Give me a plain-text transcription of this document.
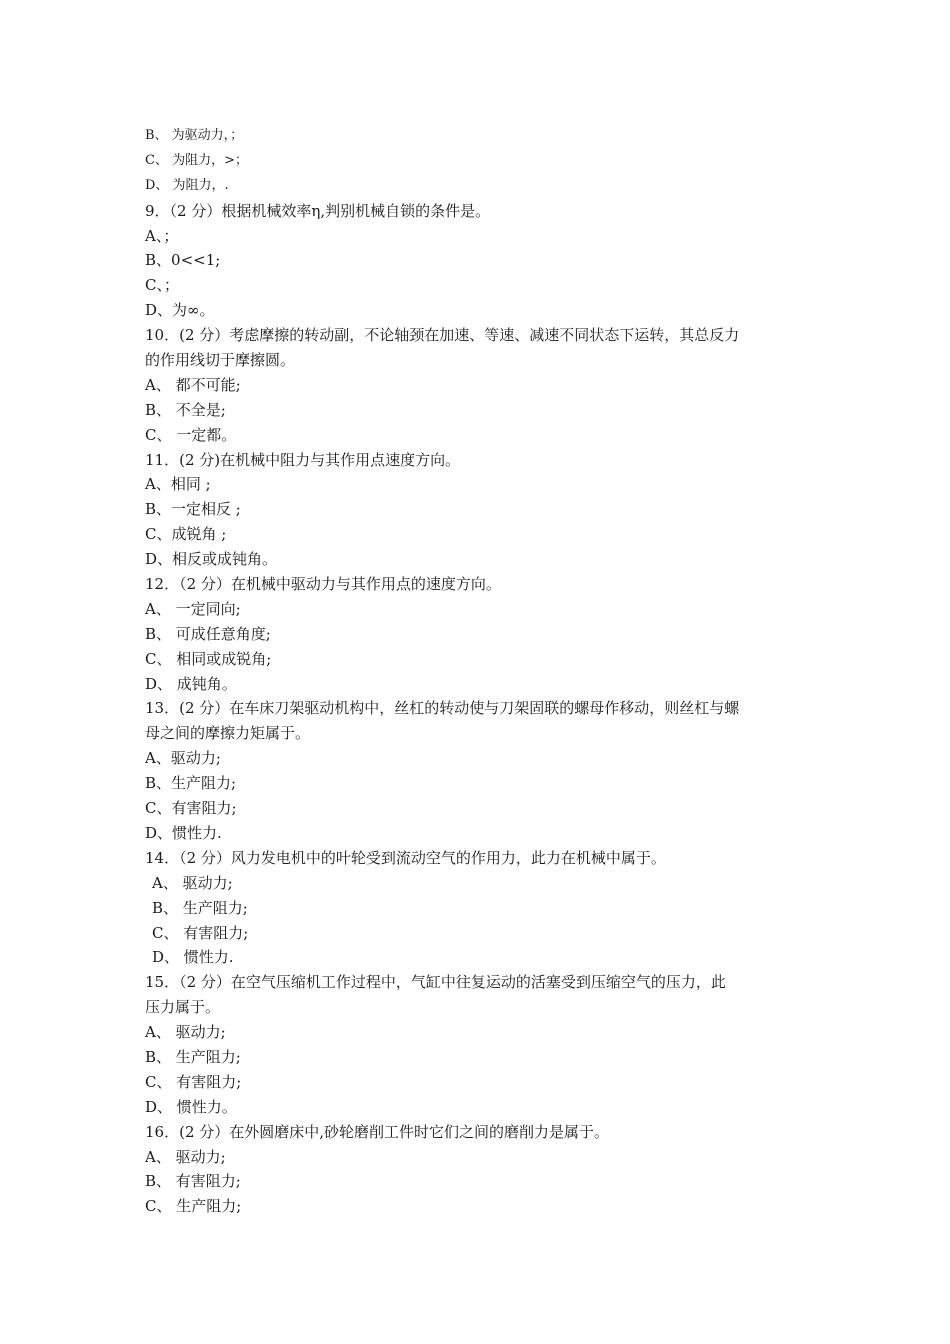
B、 为驱动力，；
C、 为阻力，>；
D、 为阻力，.
9．（2 分）根据机械效率η,判别机械自锁的条件是。
A、；
B、0<<1;
C、；
D、为∞。
10．(2 分）考虑摩擦的转动副，不论轴颈在加速、等速、减速不同状态下运转，其总反力
的作用线切于摩擦圆。
A、 都不可能;
B、 不全是;
C、 一定都。
11．(2 分)在机械中阻力与其作用点速度方向。
A、相同 ;
B、一定相反 ;
C、成锐角 ;
D、相反或成钝角。
12．（2 分）在机械中驱动力与其作用点的速度方向。
A、 一定同向;
B、 可成任意角度;
C、 相同或成锐角;
D、 成钝角。
13．(2 分）在车床刀架驱动机构中，丝杠的转动使与刀架固联的螺母作移动，则丝杠与螺
母之间的摩擦力矩属于。
A、驱动力;
B、生产阻力;
C、有害阻力;
D、惯性力.
14．（2 分）风力发电机中的叶轮受到流动空气的作用力，此力在机械中属于。
A、 驱动力;
B、 生产阻力;
C、 有害阻力;
D、 惯性力.
15．（2 分）在空气压缩机工作过程中，气缸中往复运动的活塞受到压缩空气的压力，此
压力属于。
A、 驱动力;
B、 生产阻力;
C、 有害阻力;
D、 惯性力。
16．(2 分）在外圆磨床中,砂轮磨削工件时它们之间的磨削力是属于。
A、 驱动力;
B、 有害阻力;
C、 生产阻力;
